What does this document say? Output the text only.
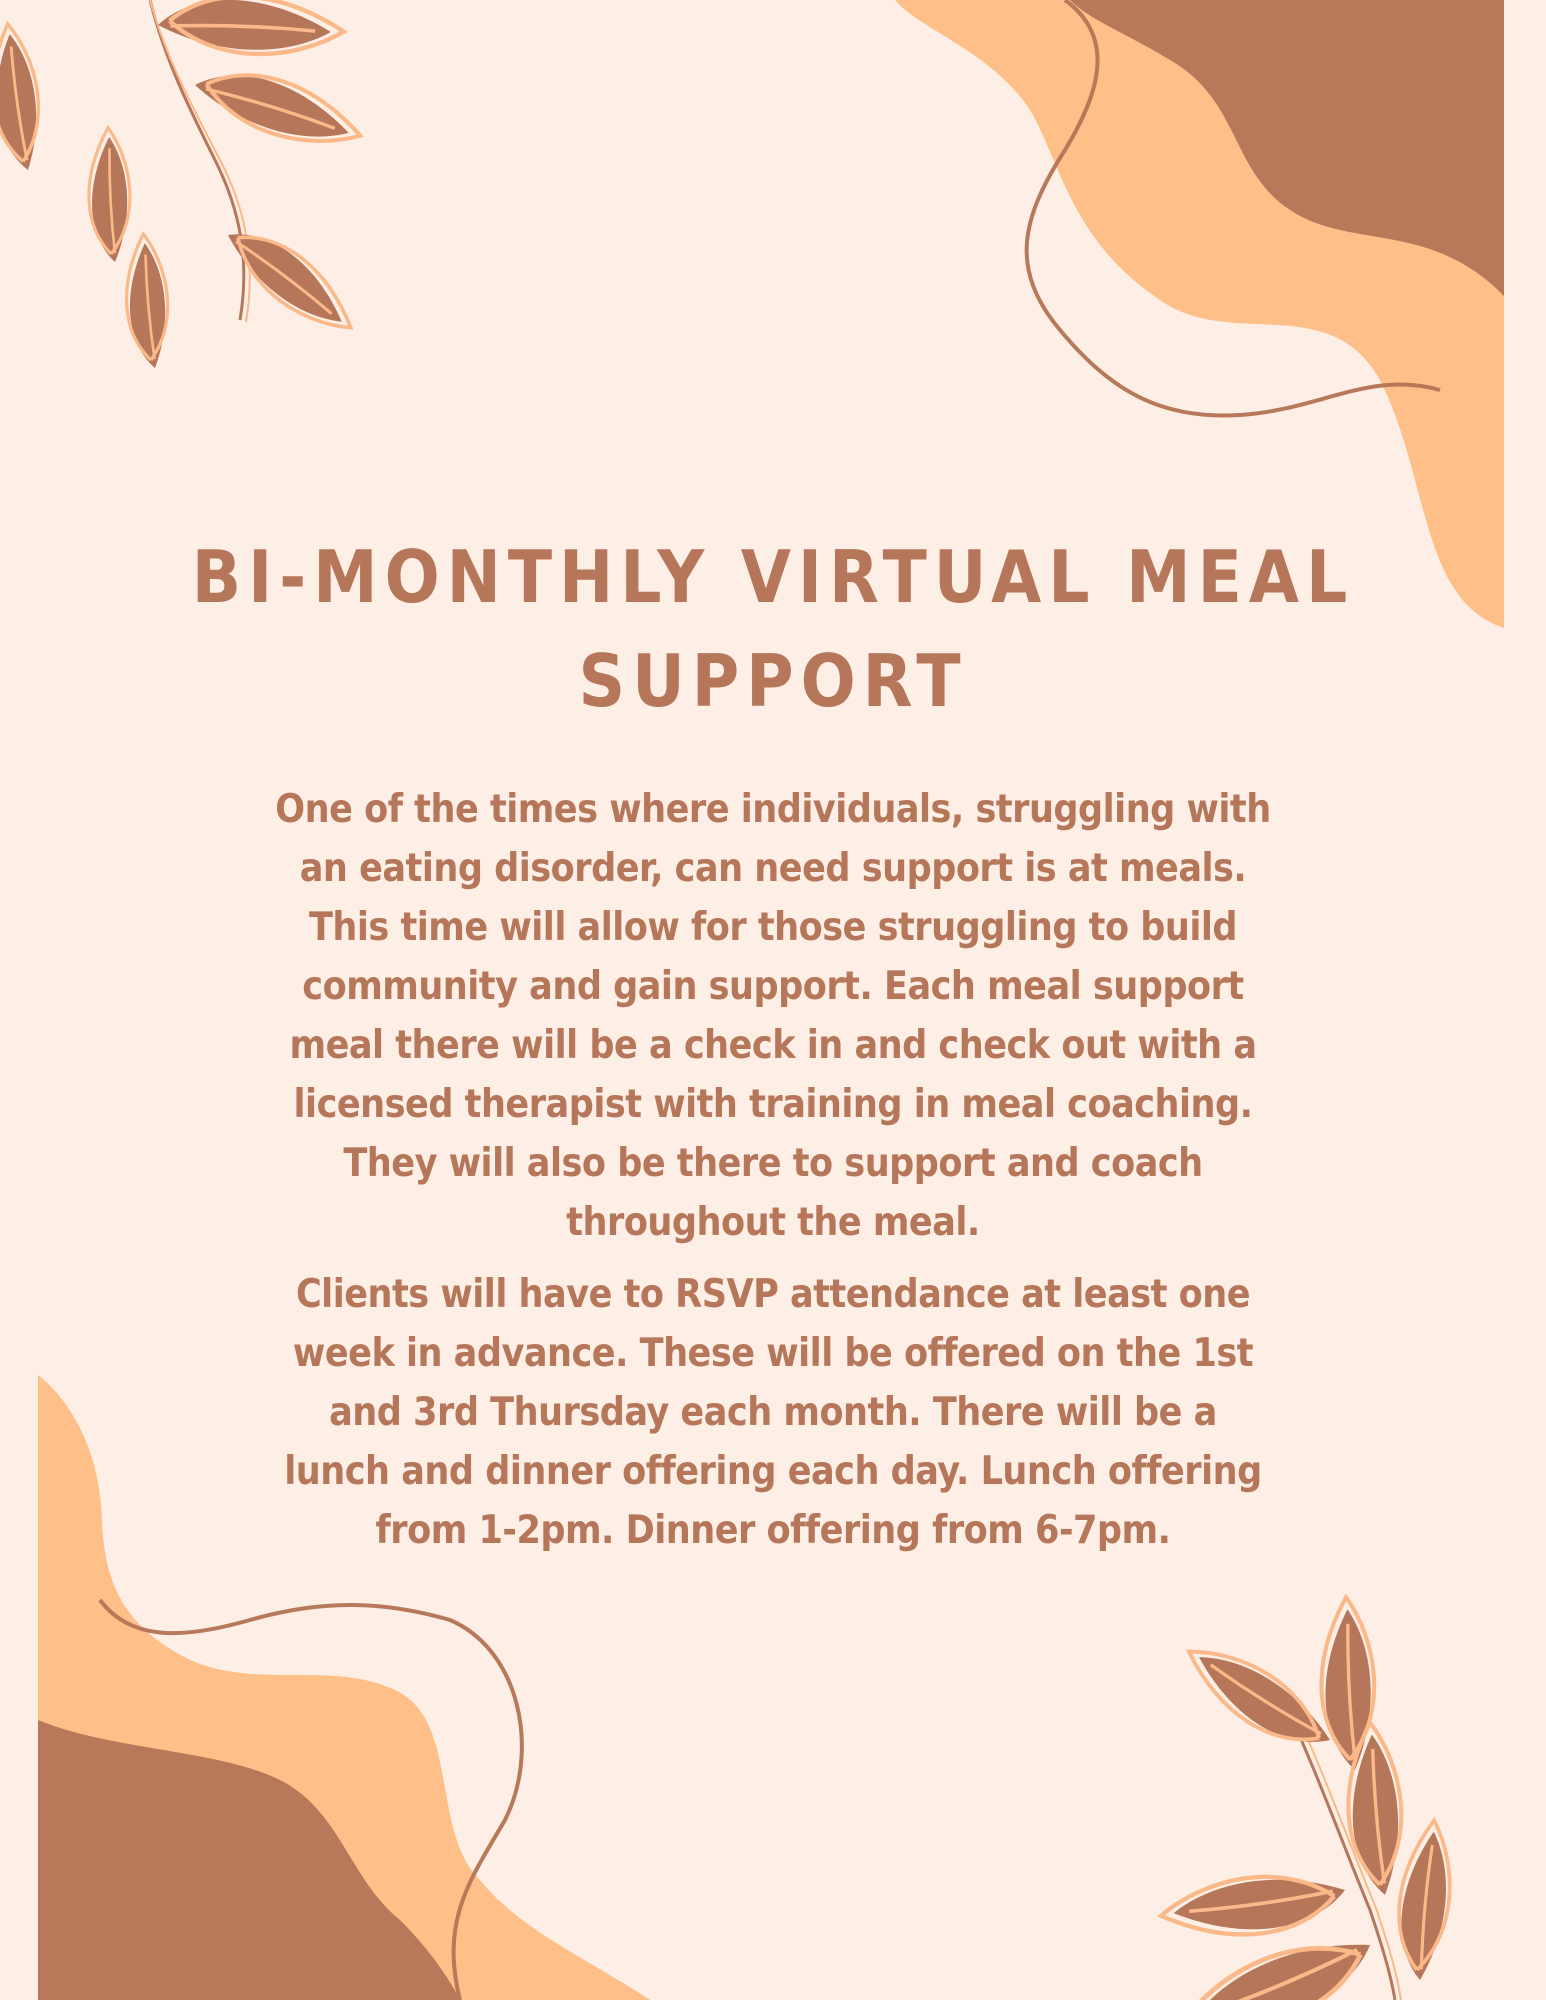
BI-MONTHLY VIRTUAL MEAL SUPPORT

One of the times where individuals, struggling with an eating disorder, can need support is at meals. This time will allow for those struggling to build community and gain support. Each meal support meal there will be a check in and check out with a licensed therapist with training in meal coaching. They will also be there to support and coach throughout the meal.

Clients will have to RSVP attendance at least one week in advance. These will be offered on the 1st and 3rd Thursday each month. There will be a lunch and dinner offering each day. Lunch offering from 1-2pm. Dinner offering from 6-7pm.
